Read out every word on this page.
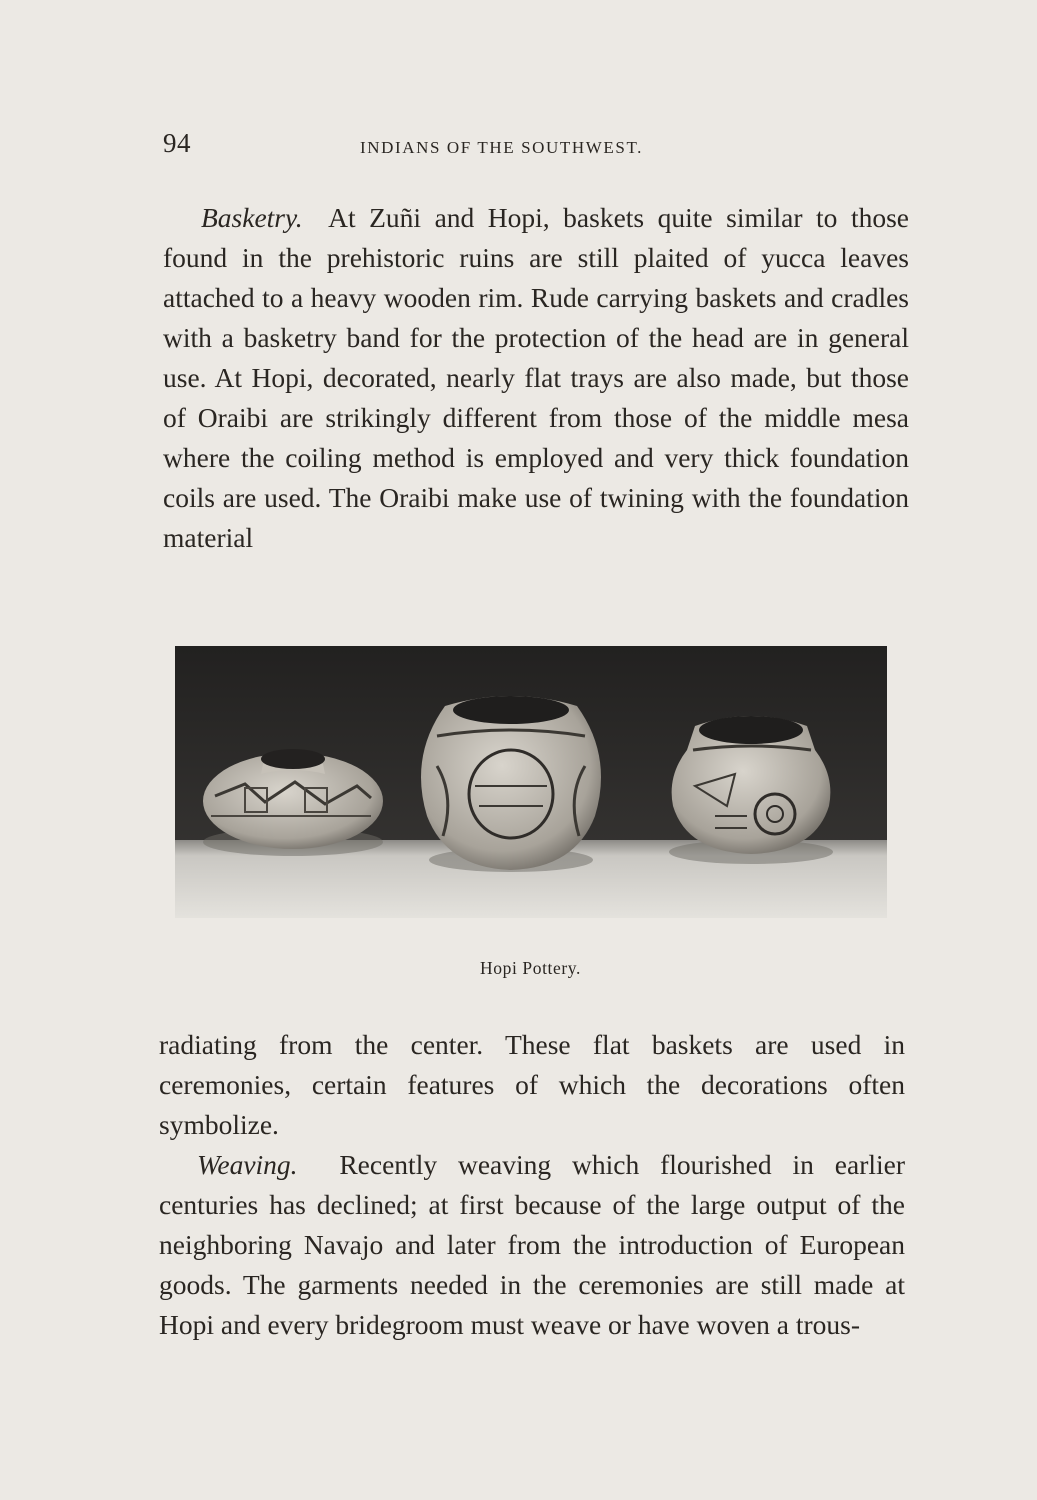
94	INDIANS OF THE SOUTHWEST.

Basketry. At Zuñi and Hopi, baskets quite similar to those found in the prehistoric ruins are still plaited of yucca leaves attached to a heavy wooden rim. Rude carrying baskets and cradles with a basketry band for the protection of the head are in general use. At Hopi, decorated, nearly flat trays are also made, but those of Oraibi are strikingly different from those of the middle mesa where the coiling method is employed and very thick foundation coils are used. The Oraibi make use of twining with the foundation material

Hopi Pottery.

radiating from the center. These flat baskets are used in ceremonies, certain features of which the decorations often symbolize.

Weaving. Recently weaving which flourished in earlier centuries has declined; at first because of the large output of the neighboring Navajo and later from the introduction of European goods. The garments needed in the ceremonies are still made at Hopi and every bridegroom must weave or have woven a trous-
